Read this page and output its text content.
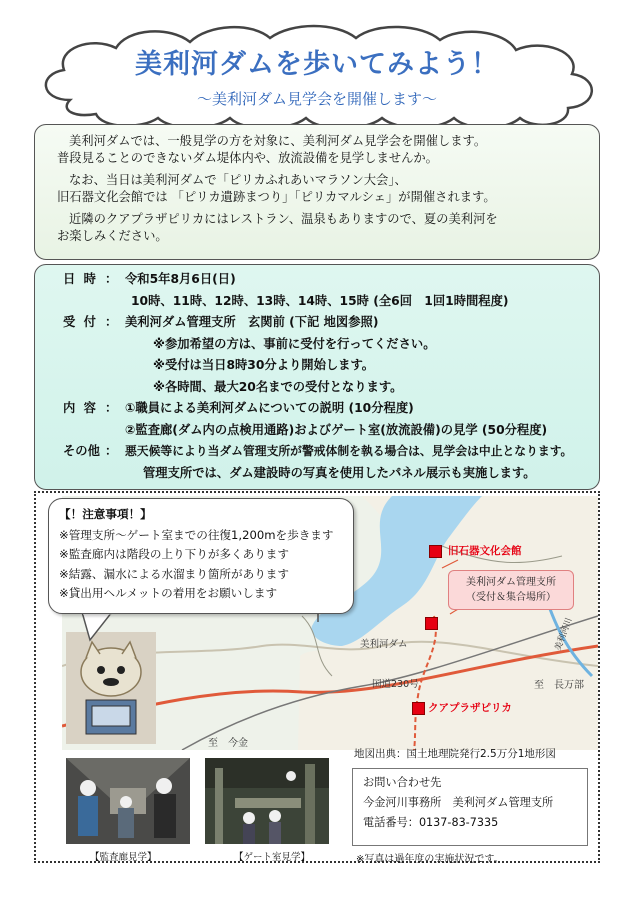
美利河ダムを歩いてみよう！
～美利河ダム見学会を開催します～

美利河ダムでは、一般見学の方を対象に、美利河ダム見学会を開催します。
普段見ることのできないダム堤体内や、放流設備を見学しませんか。

なお、当日は美利河ダムで「ピリカふれあいマラソン大会」、
旧石器文化会館では 「ピリカ遺跡まつり」「ピリカマルシェ」が開催されます。

近隣のクアプラザピリカにはレストラン、温泉もありますので、夏の美利河を
お楽しみください。

日 時 ： 令和5年8月6日(日)
10時、11時、12時、13時、14時、15時 (全6回　1回1時間程度)
受 付 ： 美利河ダム管理支所　玄関前 (下記 地図参照)
※参加希望の方は、事前に受付を行ってください。
※受付は当日8時30分より開始します。
※各時間、最大20名までの受付となります。
内 容 ： ①職員による美利河ダムについての説明 (10分程度)
②監査廊(ダム内の点検用通路)およびゲート室(放流設備)の見学 (50分程度)
その他 ： 悪天候等により当ダム管理支所が警戒体制を執る場合は、見学会は中止となります。
管理支所では、ダム建設時の写真を使用したパネル展示も実施します。
美利河ダム
国道230号	至　長万部
至　今金
美利河川
旧石器文化会館
美利河ダム管理支所
（受付＆集合場所）
クアプラザピリカ
【！注意事項！】
※管理支所～ゲート室までの往復1,200mを歩きます
※監査廊内は階段の上り下りが多くあります
※結露、漏水による水溜まり箇所があります
※貸出用ヘルメットの着用をお願いします
地図出典：国土地理院発行2.5万分1地形図
【監査廊見学】	【ゲート室見学】
お問い合わせ先
今金河川事務所　美利河ダム管理支所
電話番号：0137-83-7335
※写真は過年度の実施状況です。
